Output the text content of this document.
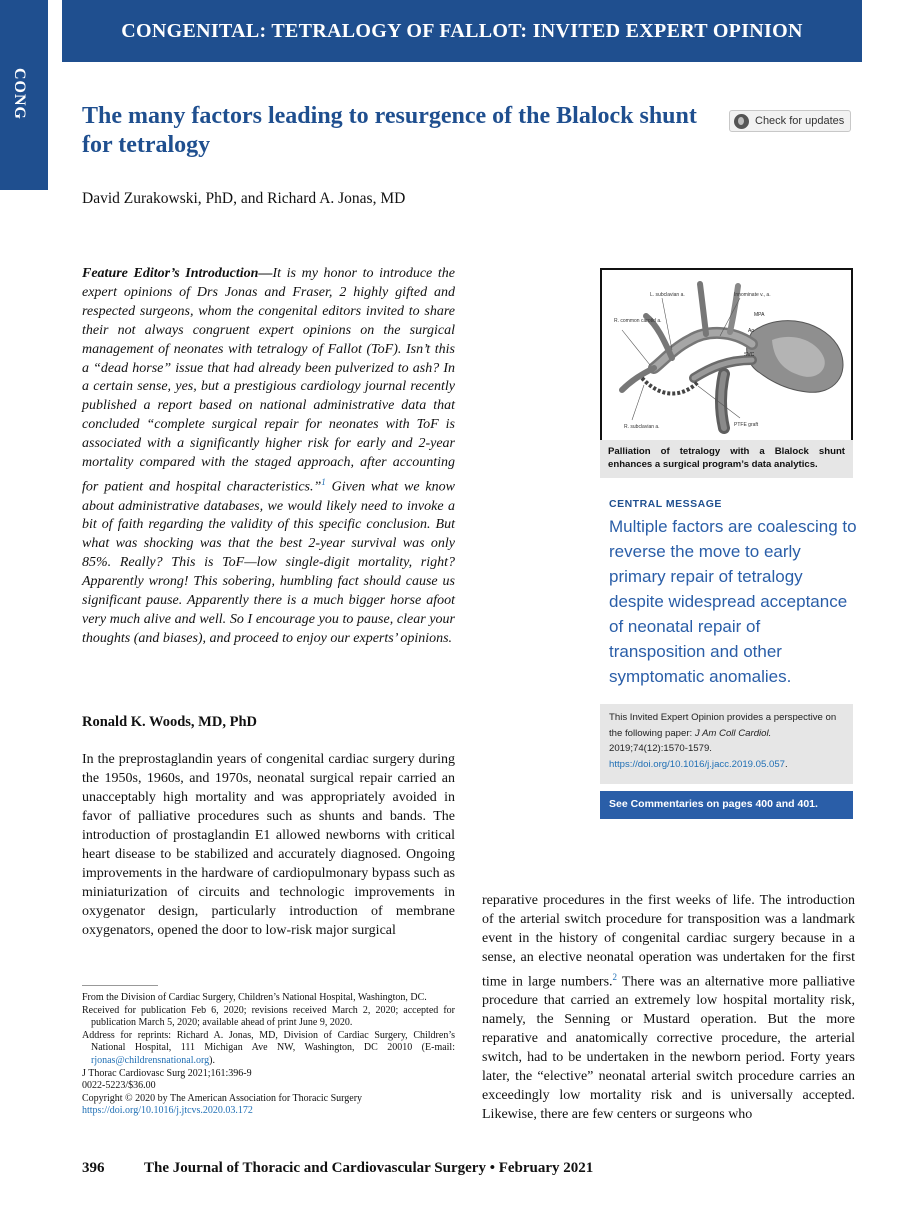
CONG
CONGENITAL: TETRALOGY OF FALLOT: INVITED EXPERT OPINION
The many factors leading to resurgence of the Blalock shunt for tetralogy
Check for updates

David Zurakowski, PhD, and Richard A. Jonas, MD

Feature Editor’s Introduction—It is my honor to introduce the expert opinions of Drs Jonas and Fraser, 2 highly gifted and respected surgeons, whom the congenital editors invited to share their not always congruent expert opinions on the surgical management of neonates with tetralogy of Fallot (ToF). Isn’t this a “dead horse” issue that had already been pulverized to ash? In a certain sense, yes, but a prestigious cardiology journal recently published a report based on national administrative data that concluded “complete surgical repair for neonates with ToF is associated with a significantly higher risk for early and 2-year mortality compared with the staged approach, after accounting for patient and hospital characteristics.”$^1$ Given what we know about administrative databases, we would likely need to invoke a bit of faith regarding the validity of this specific conclusion. But what was shocking was that the best 2-year survival was only 85%. Really? This is ToF—low single-digit mortality, right? Apparently wrong! This sobering, humbling fact should cause us significant pause. Apparently there is a much bigger horse afoot very much alive and well. So I encourage you to pause, clear your thoughts (and biases), and proceed to enjoy our experts’ opinions.

Ronald K. Woods, MD, PhD

In the preprostaglandin years of congenital cardiac surgery during the 1950s, 1960s, and 1970s, neonatal surgical repair carried an unacceptably high mortality and was appropriately avoided in favor of palliative procedures such as shunts and bands. The introduction of prostaglandin E1 allowed newborns with critical heart disease to be stabilized and accurately diagnosed. Ongoing improvements in the hardware of cardiopulmonary bypass such as miniaturization of circuits and technologic improvements in oxygenator design, particularly introduction of membrane oxygenators, opened the door to low-risk major surgical

From the Division of Cardiac Surgery, Children’s National Hospital, Washington, DC.

Received for publication Feb 6, 2020; revisions received March 2, 2020; accepted for publication March 5, 2020; available ahead of print June 9, 2020.

Address for reprints: Richard A. Jonas, MD, Division of Cardiac Surgery, Children’s National Hospital, 111 Michigan Ave NW, Washington, DC 20010 (E-mail: rjonas@childrensnational.org).

J Thorac Cardiovasc Surg 2021;161:396-9

0022-5223/$36.00

Copyright © 2020 by The American Association for Thoracic Surgery

https://doi.org/10.1016/j.jtcvs.2020.03.172

L. subclavian a.	Innominate v., a.
R. common carotid a.
MPA
Ao
SVC
R. subclavian a.	PTFE graft
Palliation of tetralogy with a Blalock shunt enhances a surgical program’s data analytics.

CENTRAL MESSAGE

Multiple factors are coalescing to reverse the move to early primary repair of tetralogy despite widespread acceptance of neonatal repair of transposition and other symptomatic anomalies.

This Invited Expert Opinion provides a perspective on the following paper: J Am Coll Cardiol. 2019;74(12):1570-1579. https://doi.org/10.1016/j.jacc.2019.05.057.
See Commentaries on pages 400 and 401.

reparative procedures in the first weeks of life. The introduction of the arterial switch procedure for transposition was a landmark event in the history of congenital cardiac surgery because in a sense, an elective neonatal operation was undertaken for the first time in large numbers.$^2$ There was an alternative more palliative procedure that carried an extremely low hospital mortality risk, namely, the Senning or Mustard operation. But the more reparative and anatomically corrective procedure, the arterial switch, had to be undertaken in the newborn period. Forty years later, the “elective” neonatal arterial switch procedure carries an exceedingly low mortality risk and is universally accepted. Likewise, there are few centers or surgeons who

396	The Journal of Thoracic and Cardiovascular Surgery • February 2021
